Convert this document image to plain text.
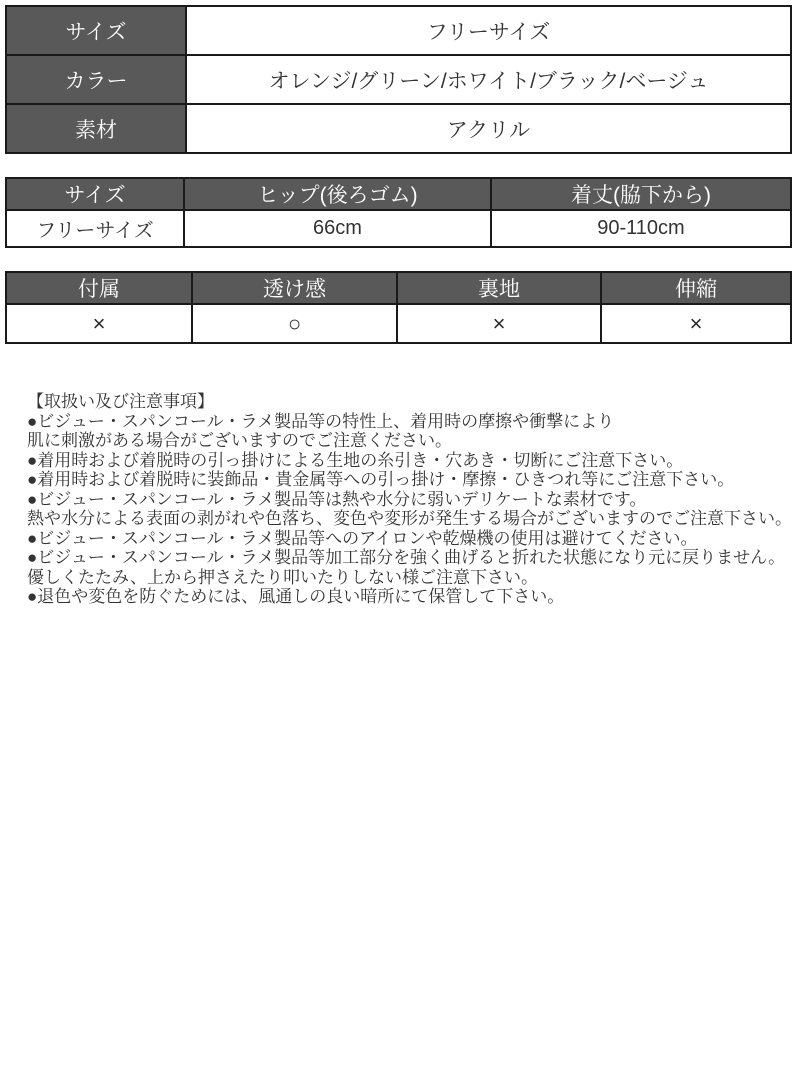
サイズ	フリーサイズ
カラー	オレンジ/グリーン/ホワイト/ブラック/ベージュ
素材	アクリル
サイズ	ヒップ(後ろゴム)	着丈(脇下から)
フリーサイズ	66cm	90-110cm
付属	透け感	裏地	伸縮
×	○	×	×
【取扱い及び注意事項】
●ビジュー・スパンコール・ラメ製品等の特性上、着用時の摩擦や衝撃により
肌に刺激がある場合がございますのでご注意ください。
●着用時および着脱時の引っ掛けによる生地の糸引き・穴あき・切断にご注意下さい。
●着用時および着脱時に装飾品・貴金属等への引っ掛け・摩擦・ひきつれ等にご注意下さい。
●ビジュー・スパンコール・ラメ製品等は熱や水分に弱いデリケートな素材です。
熱や水分による表面の剥がれや色落ち、変色や変形が発生する場合がございますのでご注意下さい。
●ビジュー・スパンコール・ラメ製品等へのアイロンや乾燥機の使用は避けてください。
●ビジュー・スパンコール・ラメ製品等加工部分を強く曲げると折れた状態になり元に戻りません。
優しくたたみ、上から押さえたり叩いたりしない様ご注意下さい。
●退色や変色を防ぐためには、風通しの良い暗所にて保管して下さい。
